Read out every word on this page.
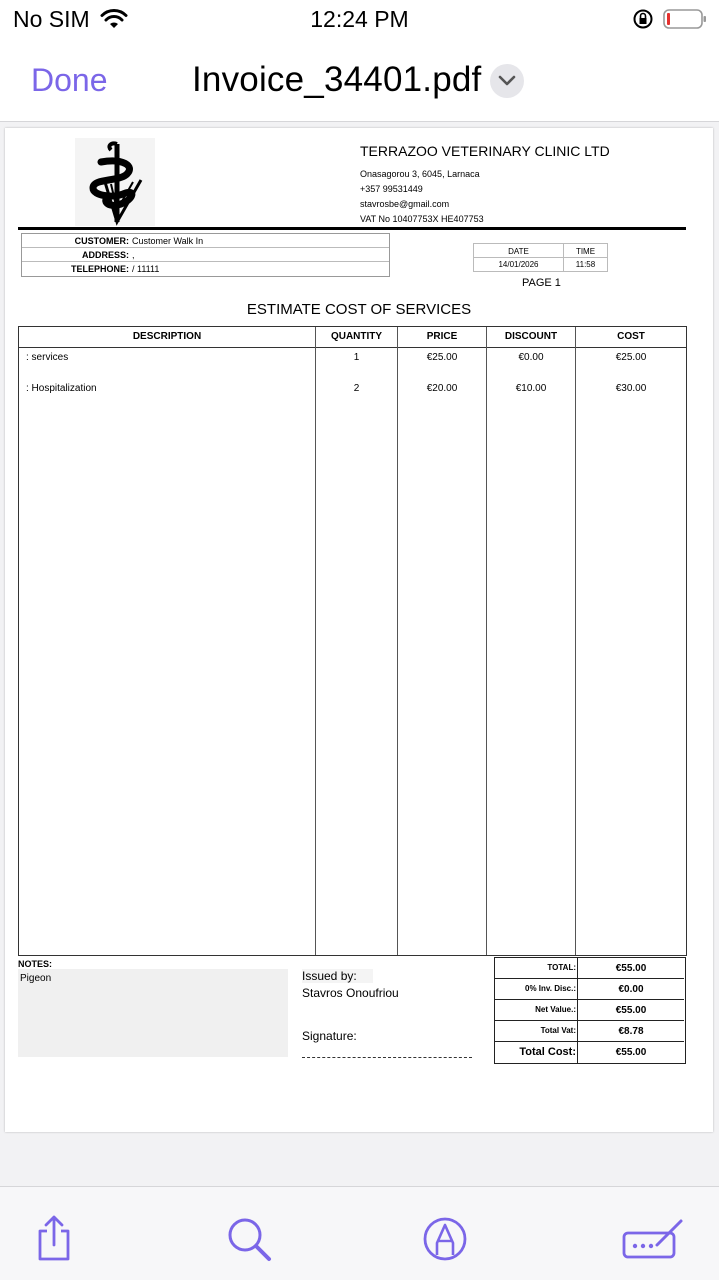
No SIM	12:24 PM
Done Invoice_34401.pdf
TERRAZOO VETERINARY CLINIC LTD
Onasagorou 3, 6045, Larnaca
+357 99531449
stavrosbe@gmail.com
VAT No 10407753X HE407753
CUSTOMER: Customer Walk In
ADDRESS: ,
TELEPHONE: / 11111
DATE	TIME
14/01/2026	11:58
PAGE 1
ESTIMATE COST OF SERVICES
DESCRIPTION	QUANTITY	PRICE	DISCOUNT	COST
: services	1	€25.00	€0.00	€25.00
: Hospitalization	2	€20.00	€10.00	€30.00
NOTES:
Pigeon	Issued by:
Stavros Onoufriou
Signature:
TOTAL:	€55.00
0% Inv. Disc.:	€0.00
Net Value.:	€55.00
Total Vat:	€8.78
Total Cost:	€55.00
